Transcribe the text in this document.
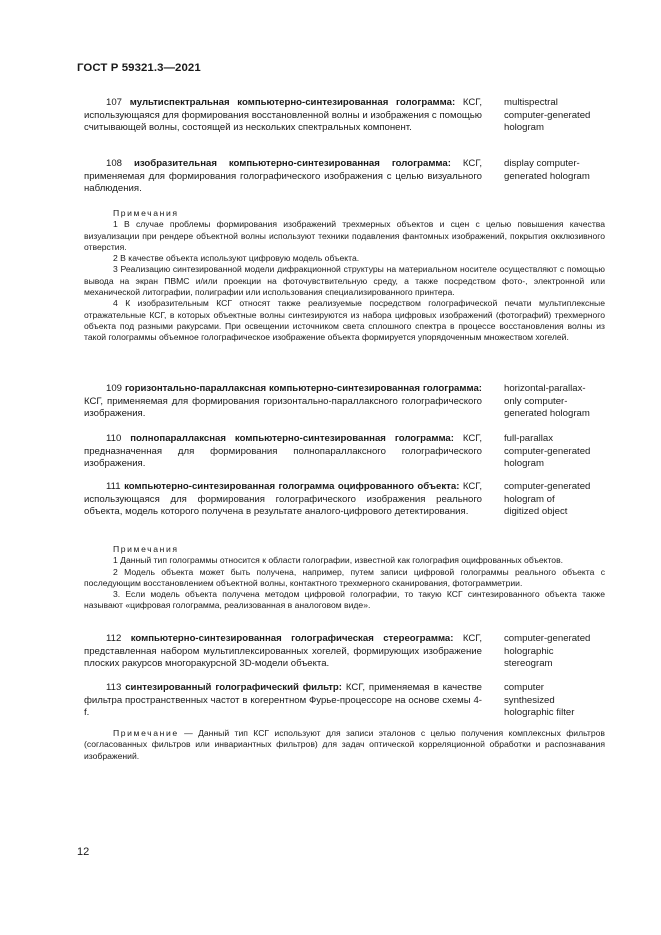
ГОСТ Р 59321.3—2021
107 мультиспектральная компьютерно-синтезированная голограмма: КСГ, использующаяся для формирования восстановленной волны и изображения с помощью считывающей волны, состоящей из нескольких спектральных компонент.
multispectral
computer-generated
hologram
108 изобразительная компьютерно-синтезированная голограмма: КСГ, применяемая для формирования голографического изображения с целью визуального наблюдения.
display computer-
generated hologram
Примечания

1 В случае проблемы формирования изображений трехмерных объектов и сцен с целью повышения качества визуализации при рендере объектной волны используют техники подавления фантомных изображений, покрытия окклюзивного отверстия.

2 В качестве объекта используют цифровую модель объекта.

3 Реализацию синтезированной модели дифракционной структуры на материальном носителе осуществляют с помощью вывода на экран ПВМС и/или проекции на фоточувствительную среду, а также посредством фото-, электронной или механической литографии, полиграфии или использования специализированного принтера.

4 К изобразительным КСГ относят также реализуемые посредством голографической печати мультиплексные отражательные КСГ, в которых объектные волны синтезируются из набора цифровых изображений (фотографий) трехмерного объекта под разными ракурсами. При освещении источником света сплошного спектра в процессе восстановления волны из такой голограммы объемное голографическое изображение объекта формируется упорядоченным множеством хогелей.

109 горизонтально-параллаксная компьютерно-синтезированная голограмма: КСГ, применяемая для формирования горизонтально-параллаксного голографического изображения.
horizontal-parallax-
only computer-
generated hologram
110 полнопараллаксная компьютерно-синтезированная голограмма: КСГ, предназначенная для формирования полнопараллаксного голографического изображения.
full-parallax
computer-generated
hologram
111 компьютерно-синтезированная голограмма оцифрованного объекта: КСГ, использующаяся для формирования голографического изображения реального объекта, модель которого получена в результате аналого-цифрового детектирования.
computer-generated
hologram of
digitized object
Примечания

1 Данный тип голограммы относится к области голографии, известной как голография оцифрованных объектов.

2 Модель объекта может быть получена, например, путем записи цифровой голограммы реального объекта с последующим восстановлением объектной волны, контактного трехмерного сканирования, фотограмметрии.

3. Если модель объекта получена методом цифровой голографии, то такую КСГ синтезированного объекта также называют «цифровая голограмма, реализованная в аналоговом виде».

112 компьютерно-синтезированная голографическая стереограмма: КСГ, представленная набором мультиплексированных хогелей, формирующих изображение плоских ракурсов многоракурсной 3D-модели объекта.
computer-generated
holographic
stereogram
113 синтезированный голографический фильтр: КСГ, применяемая в качестве фильтра пространственных частот в когерентном Фурье-процессоре на основе схемы 4-f.
computer
synthesized
holographic filter
Примечание — Данный тип КСГ используют для записи эталонов с целью получения комплексных фильтров (согласованных фильтров или инвариантных фильтров) для задач оптической корреляционной обработки и распознавания изображений.
12
